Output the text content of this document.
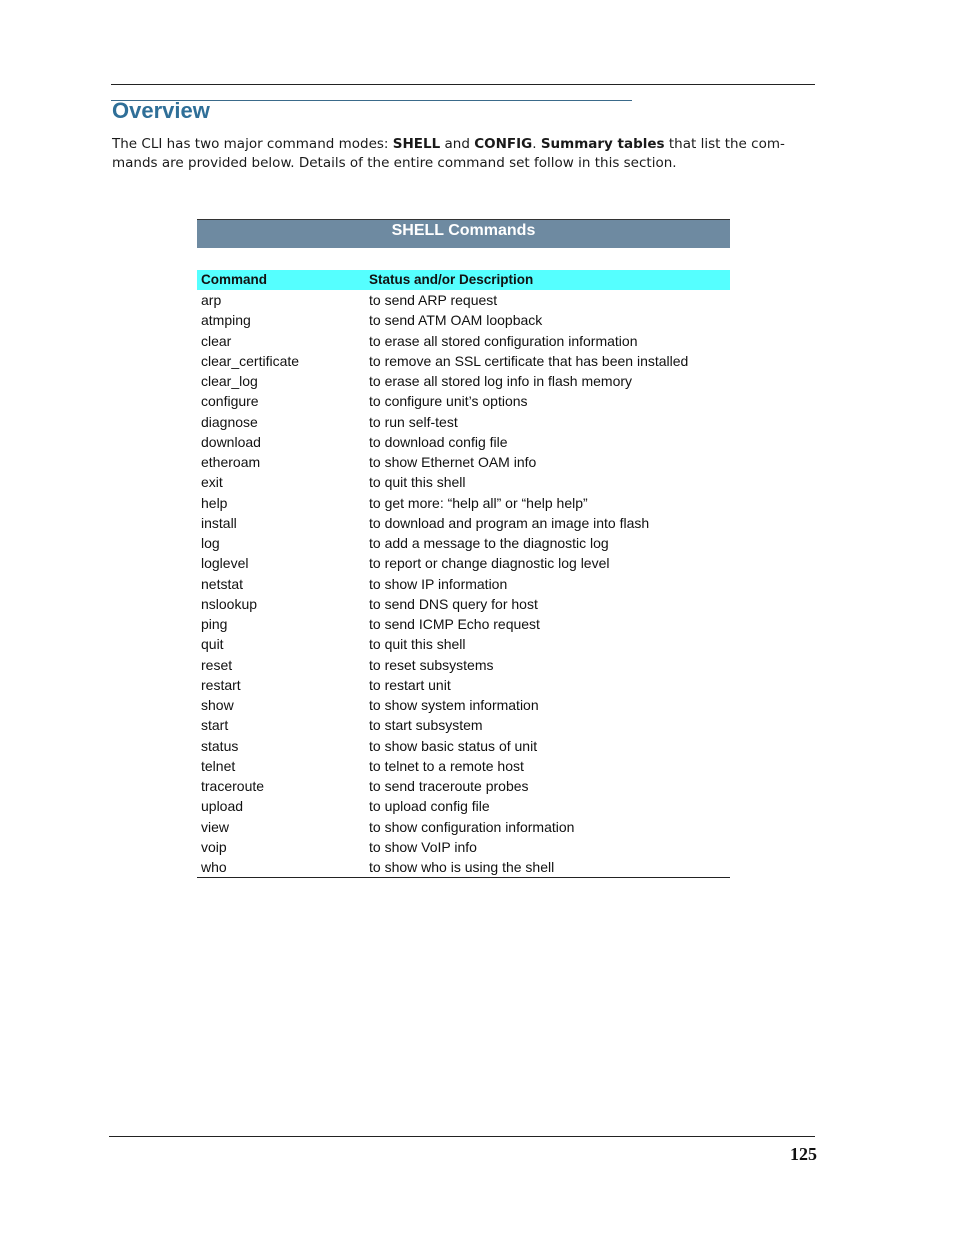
Overview

The CLI has two major command modes: SHELL and CONFIG. Summary tables that list the com-mands are provided below. Details of the entire command set follow in this section.

SHELL Commands
Command	Status and/or Description
arp	to send ARP request
atmping	to send ATM OAM loopback
clear	to erase all stored configuration information
clear_certificate	to remove an SSL certificate that has been installed
clear_log	to erase all stored log info in flash memory
configure	to configure unit’s options
diagnose	to run self-test
download	to download config file
etheroam	to show Ethernet OAM info
exit	to quit this shell
help	to get more: “help all” or “help help”
install	to download and program an image into flash
log	to add a message to the diagnostic log
loglevel	to report or change diagnostic log level
netstat	to show IP information
nslookup	to send DNS query for host
ping	to send ICMP Echo request
quit	to quit this shell
reset	to reset subsystems
restart	to restart unit
show	to show system information
start	to start subsystem
status	to show basic status of unit
telnet	to telnet to a remote host
traceroute	to send traceroute probes
upload	to upload config file
view	to show configuration information
voip	to show VoIP info
who	to show who is using the shell
125
